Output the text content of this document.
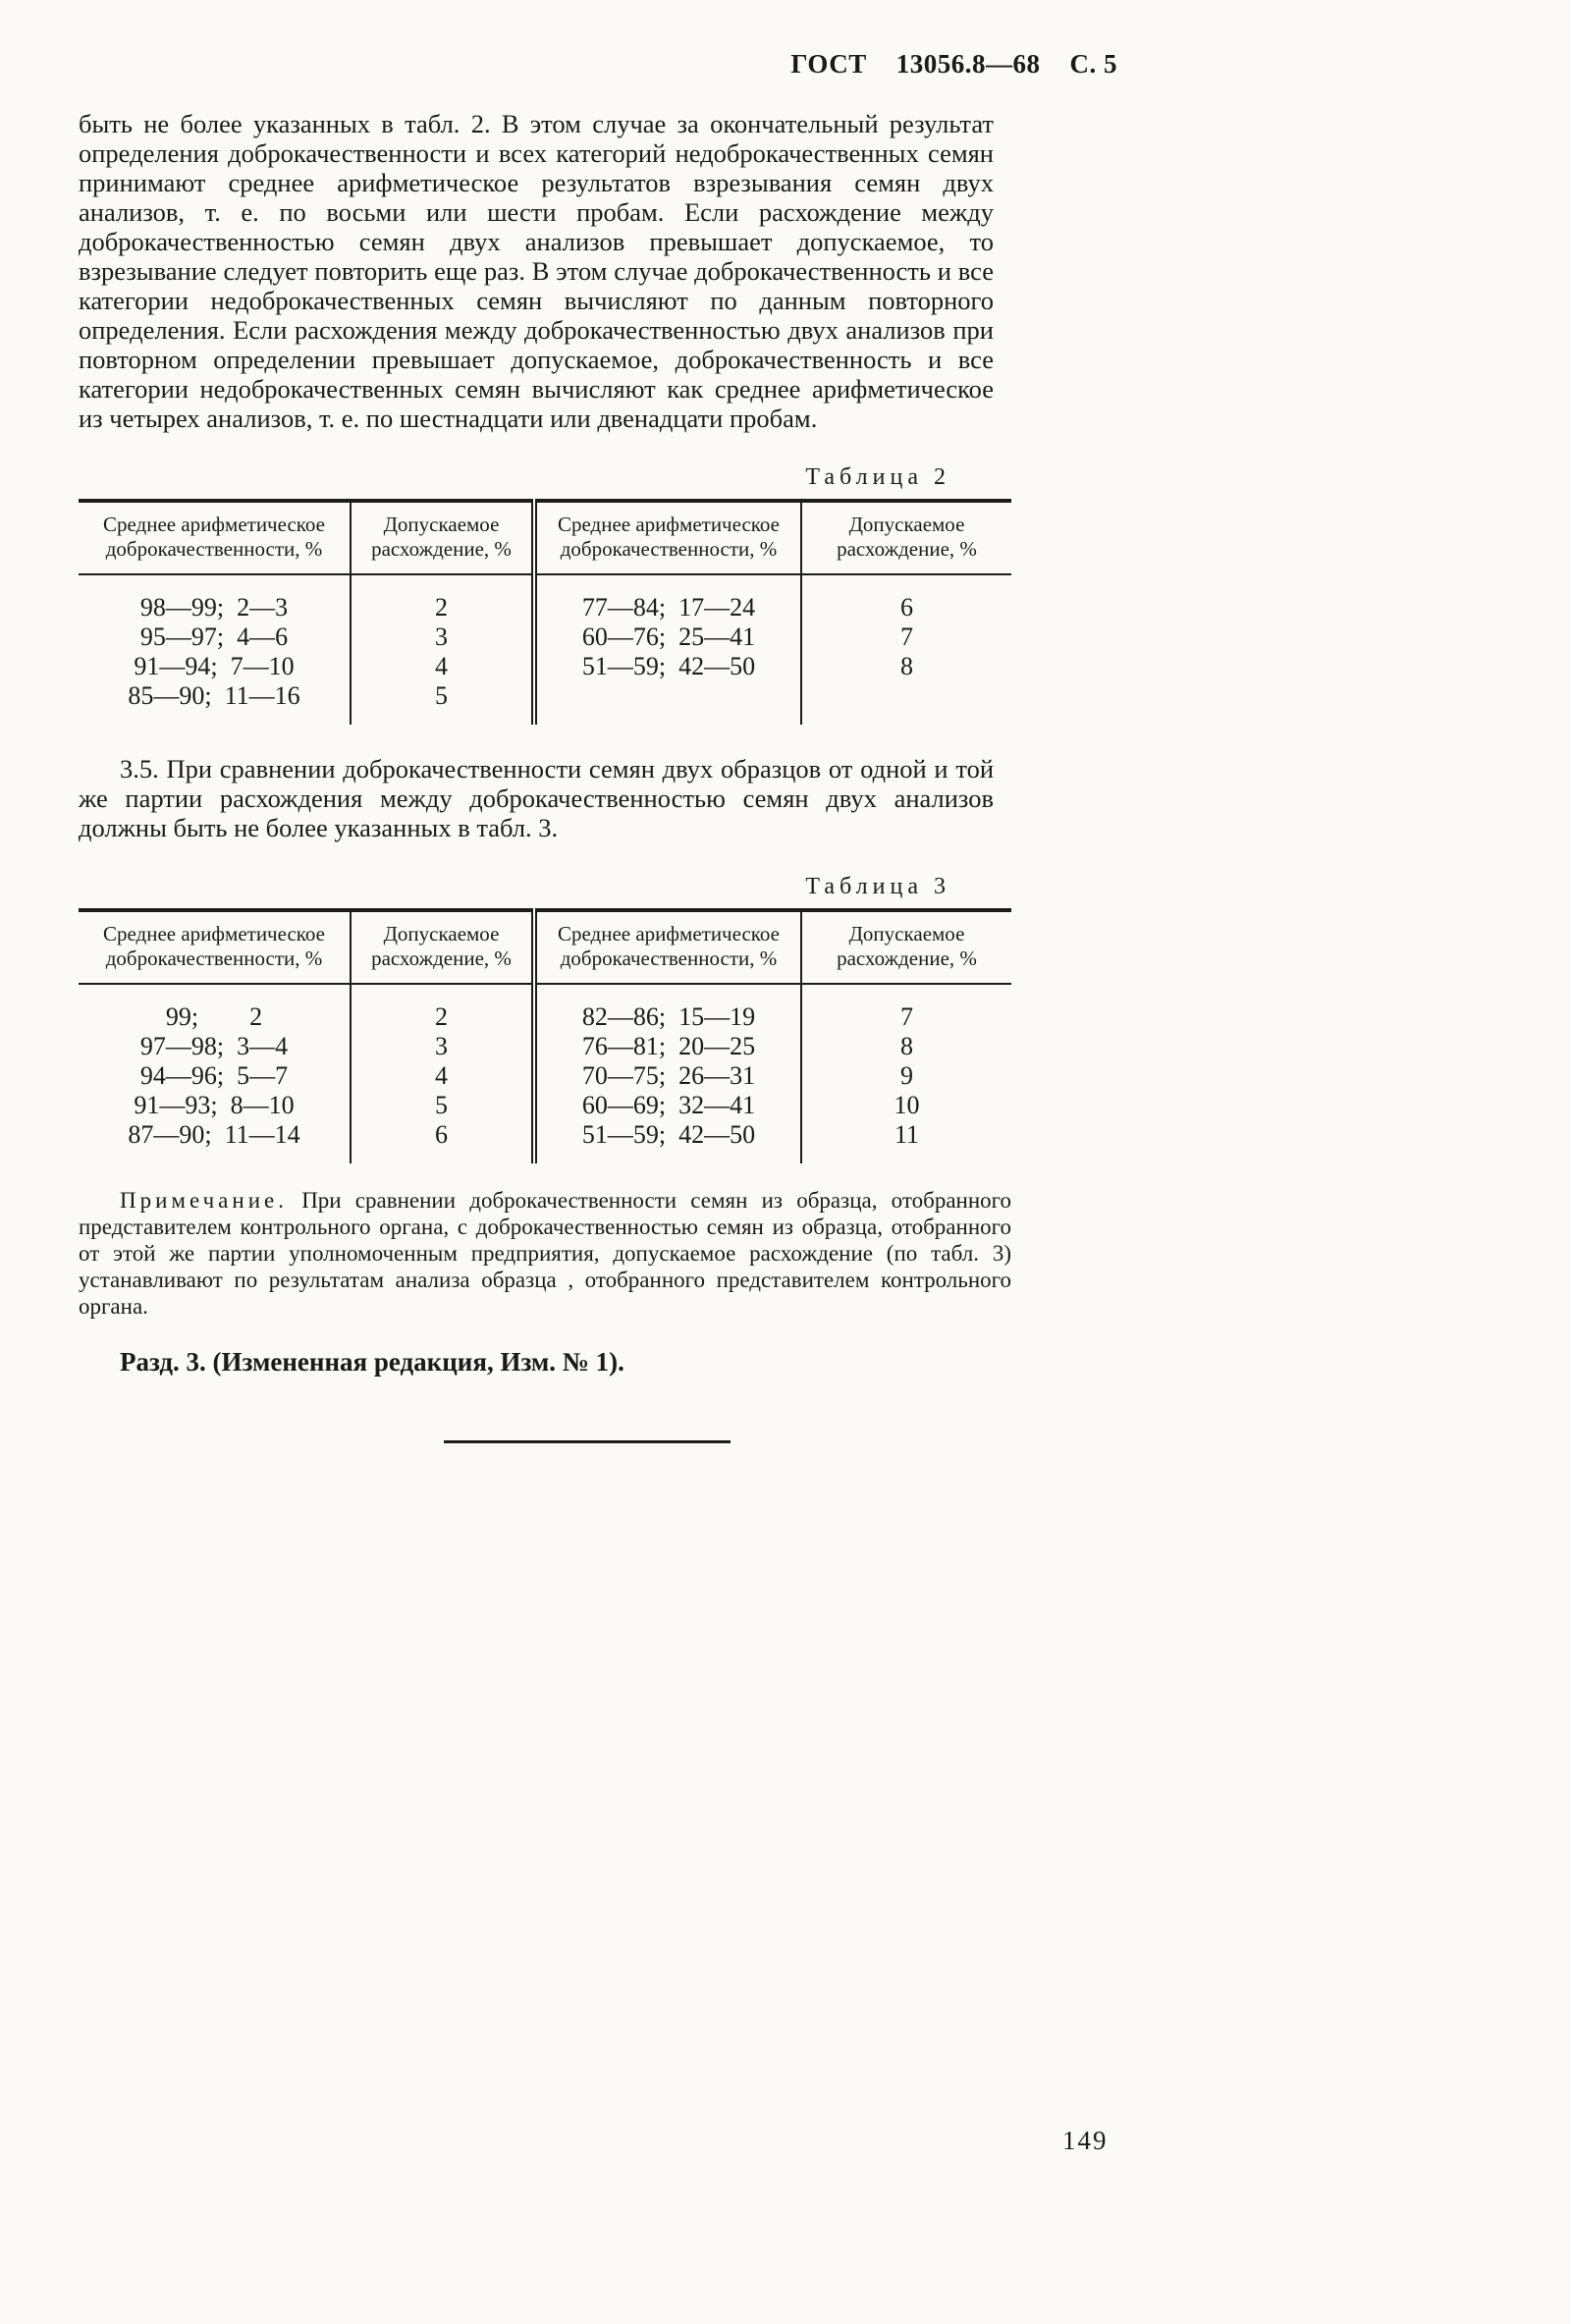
ГОСТ 13056.8—68 С. 5

быть не более указанных в табл. 2. В этом случае за окончательный результат определения доброкачественности и всех категорий недоброкачественных семян принимают среднее арифметическое результатов взрезывания семян двух анализов, т. е. по восьми или шести пробам. Если расхождение между доброкачественностью семян двух анализов превышает допускаемое, то взрезывание следует повторить еще раз. В этом случае доброкачественность и все категории недоброкачественных семян вычисляют по данным повторного определения. Если расхождения между доброкачественностью двух анализов при повторном определении превышает допускаемое, доброкачественность и все категории недоброкачественных семян вычисляют как среднее арифметическое из четырех анализов, т. е. по шестнадцати или двенадцати пробам.

Таблица 2
Среднее арифметическое доброкачественности, %	Допускаемое расхождение, %	Среднее арифметическое доброкачественности, %	Допускаемое расхождение, %
98—99;  2—3	2	77—84;  17—24	6
95—97;  4—6	3	60—76;  25—41	7
91—94;  7—10	4	51—59;  42—50	8
85—90;  11—16	5		

3.5. При сравнении доброкачественности семян двух образцов от одной и той же партии расхождения между доброкачественностью семян двух анализов должны быть не более указанных в табл. 3.

Таблица 3
Среднее арифметическое доброкачественности, %	Допускаемое расхождение, %	Среднее арифметическое доброкачественности, %	Допускаемое расхождение, %
99;        2	2	82—86;  15—19	7
97—98;  3—4	3	76—81;  20—25	8
94—96;  5—7	4	70—75;  26—31	9
91—93;  8—10	5	60—69;  32—41	10
87—90;  11—14	6	51—59;  42—50	11

Примечание. При сравнении доброкачественности семян из образца, отобранного представителем контрольного органа, с доброкачественностью семян из образца, отобранного от этой же партии уполномоченным предприятия, допускаемое расхождение (по табл. 3) устанавливают по результатам анализа образца , отобранного представителем контрольного органа.

Разд. 3. (Измененная редакция, Изм. № 1).

149
